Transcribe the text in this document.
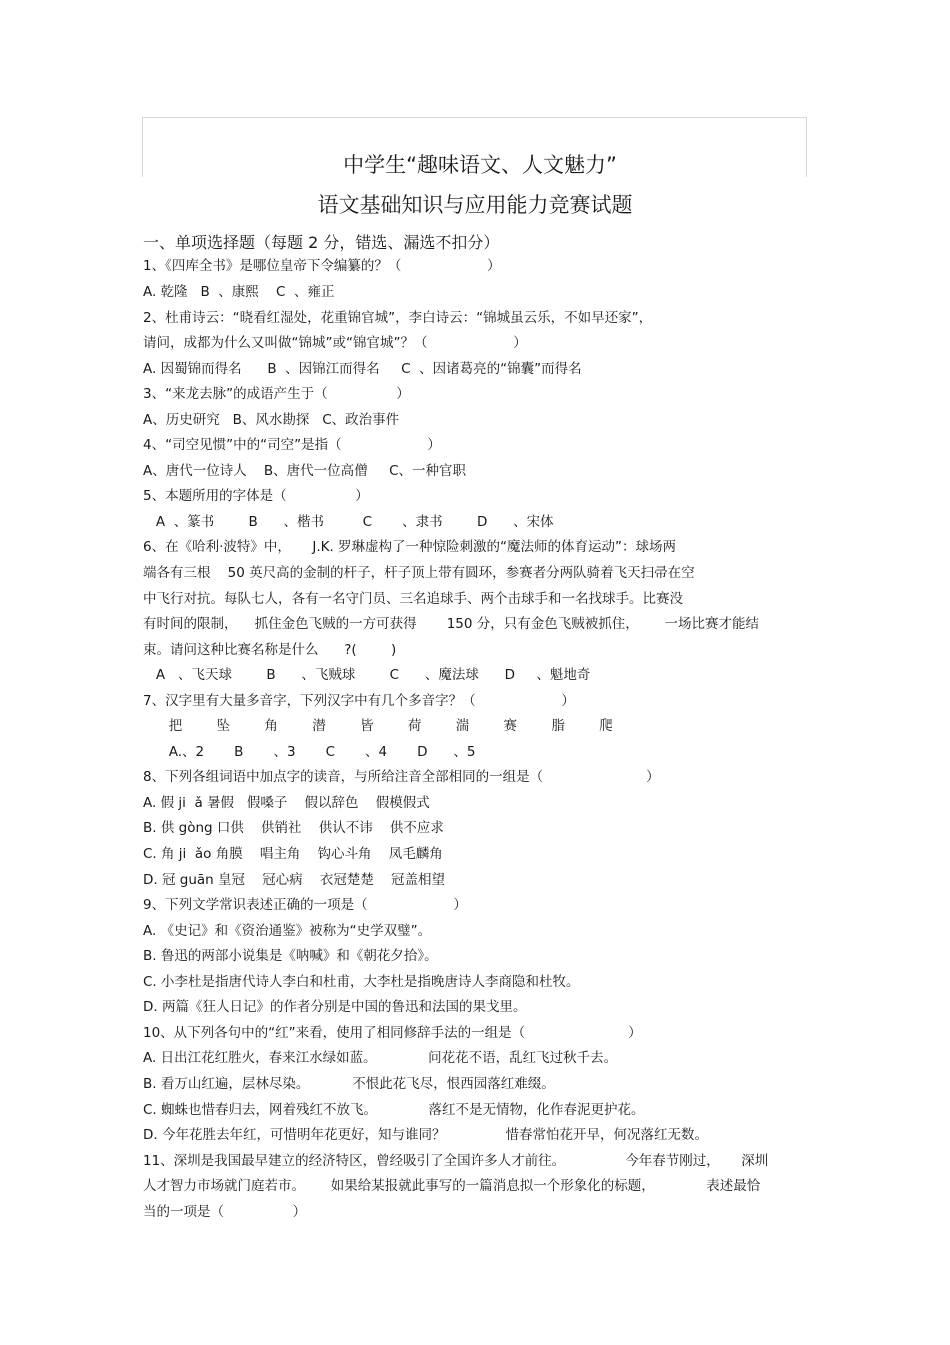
中学生“趣味语文、人文魅力”
语文基础知识与应用能力竞赛试题
一、单项选择题（每题 2 分，错选、漏选不扣分）
1、《四库全书》是哪位皇帝下令编纂的？（                    ）
A. 乾隆   B  、康熙    C  、雍正
2、杜甫诗云：“晓看红湿处，花重锦官城”，李白诗云：“锦城虽云乐，不如早还家”，
请问，成都为什么又叫做“锦城”或“锦官城”？（                    ）
A. 因蜀锦而得名      B  、因锦江而得名     C  、因诸葛亮的“锦囊”而得名
3、“来龙去脉”的成语产生于（                ）
A、历史研究   B、风水勘探   C、政治事件
4、“司空见惯”中的“司空”是指（                    ）
A、唐代一位诗人    B、唐代一位高僧     C、一种官职
5、本题所用的字体是（                ）
A  、篆书        B      、楷书         C       、隶书        D      、宋体
6、在《哈利·波特》中，     J.K. 罗琳虚构了一种惊险刺激的“魔法师的体育运动”：球场两
端各有三根    50 英尺高的金制的杆子，杆子顶上带有圆环，参赛者分两队骑着飞天扫帚在空
中飞行对抗。每队七人，各有一名守门员、三名追球手、两个击球手和一名找球手。比赛没
有时间的限制，    抓住金色飞贼的一方可获得       150 分，只有金色飞贼被抓住，      一场比赛才能结
束。请问这种比赛名称是什么      ?(        )
A   、飞天球        B      、飞贼球        C      、魔法球      D     、魁地奇
7、汉字里有大量多音字，下列汉字中有几个多音字？（                    ）
把        坠        角        潜        皆        荷        湍        赛        脂        爬
A.、2       B       、3       C       、4       D      、5
8、下列各组词语中加点字的读音，与所给注音全部相同的一组是（                        ）
A. 假 ji  ǎ 暑假   假嗓子    假以辞色    假模假式
B. 供 gòng 口供    供销社    供认不讳    供不应求
C. 角 ji  ǎo 角膜    唱主角    钩心斗角    凤毛麟角
D. 冠 guān 皇冠    冠心病    衣冠楚楚    冠盖相望
9、下列文学常识表述正确的一项是（                    ）
A. 《史记》和《资治通鉴》被称为“史学双璧”。
B. 鲁迅的两部小说集是《呐喊》和《朝花夕拾》。
C. 小李杜是指唐代诗人李白和杜甫，大李杜是指晚唐诗人李商隐和杜牧。
D. 两篇《狂人日记》的作者分别是中国的鲁迅和法国的果戈里。
10、从下列各句中的“红”来看，使用了相同修辞手法的一组是（                        ）
A. 日出江花红胜火，春来江水绿如蓝。            问花花不语，乱红飞过秋千去。
B. 看万山红遍，层林尽染。          不恨此花飞尽，恨西园落红难缀。
C. 蜘蛛也惜春归去，网着残红不放飞。            落红不是无情物，化作春泥更护花。
D. 今年花胜去年红，可惜明年花更好，知与谁同？              惜春常怕花开早，何况落红无数。
11、深圳是我国最早建立的经济特区，曾经吸引了全国许多人才前往。              今年春节刚过，     深圳
人才智力市场就门庭若市。      如果给某报就此事写的一篇消息拟一个形象化的标题，            表述最恰
当的一项是（                ）
